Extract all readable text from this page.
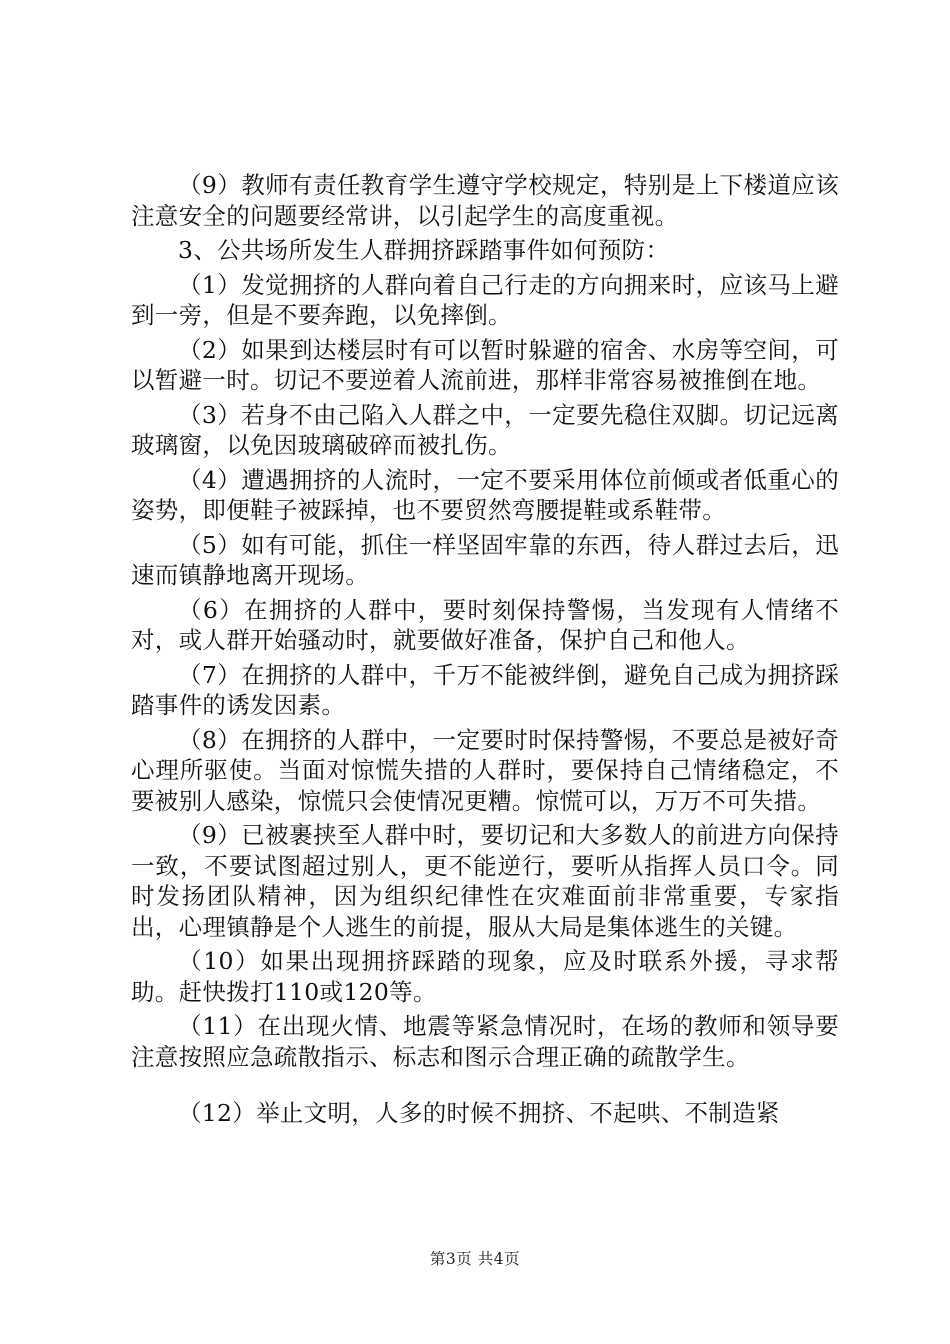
（9）教师有责任教育学生遵守学校规定，特别是上下楼道应该注意安全的问题要经常讲，以引起学生的高度重视。

3、公共场所发生人群拥挤踩踏事件如何预防：

（1）发觉拥挤的人群向着自己行走的方向拥来时，应该马上避到一旁，但是不要奔跑，以免摔倒。

（2）如果到达楼层时有可以暂时躲避的宿舍、水房等空间，可以暂避一时。切记不要逆着人流前进，那样非常容易被推倒在地。

（3）若身不由己陷入人群之中，一定要先稳住双脚。切记远离玻璃窗，以免因玻璃破碎而被扎伤。

（4）遭遇拥挤的人流时，一定不要采用体位前倾或者低重心的姿势，即便鞋子被踩掉，也不要贸然弯腰提鞋或系鞋带。

（5）如有可能，抓住一样坚固牢靠的东西，待人群过去后，迅速而镇静地离开现场。

（6）在拥挤的人群中，要时刻保持警惕，当发现有人情绪不对，或人群开始骚动时，就要做好准备，保护自己和他人。

（7）在拥挤的人群中，千万不能被绊倒，避免自己成为拥挤踩踏事件的诱发因素。

（8）在拥挤的人群中，一定要时时保持警惕，不要总是被好奇心理所驱使。当面对惊慌失措的人群时，要保持自己情绪稳定，不要被别人感染，惊慌只会使情况更糟。惊慌可以，万万不可失措。

（9）已被裹挟至人群中时，要切记和大多数人的前进方向保持一致，不要试图超过别人，更不能逆行，要听从指挥人员口令。同时发扬团队精神，因为组织纪律性在灾难面前非常重要，专家指出，心理镇静是个人逃生的前提，服从大局是集体逃生的关键。

（10）如果出现拥挤踩踏的现象，应及时联系外援，寻求帮助。赶快拨打110或120等。

（11）在出现火情、地震等紧急情况时，在场的教师和领导要注意按照应急疏散指示、标志和图示合理正确的疏散学生。

（12）举止文明，人多的时候不拥挤、不起哄、不制造紧

第3页 共4页
